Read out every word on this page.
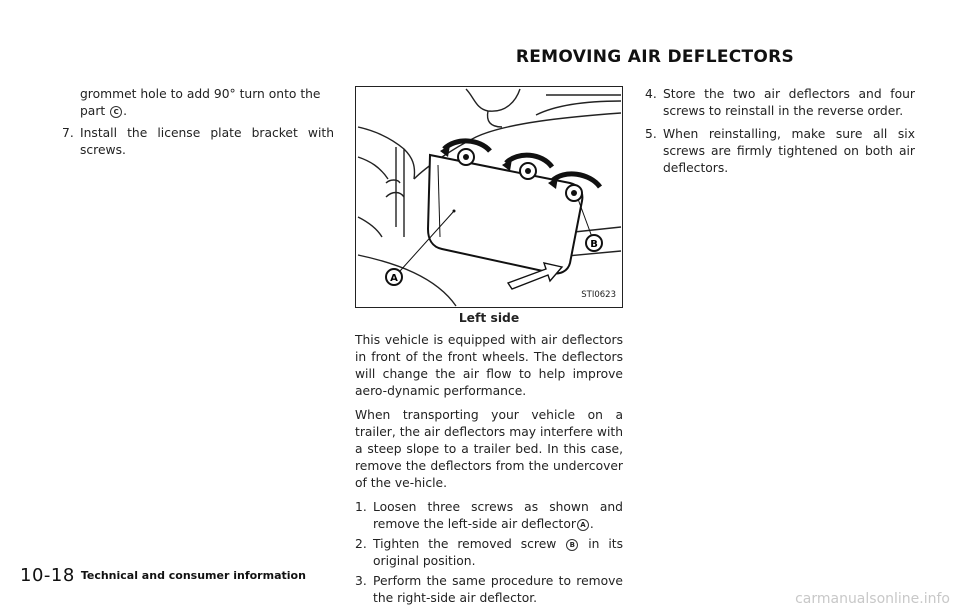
REMOVING AIR DEFLECTORS

grommet hole to add 90° turn onto the

part C .

7. Install the license plate bracket with screws.
A
B
STI0623
Left side

This vehicle is equipped with air deflectors in front of the front wheels. The deflectors will change the air flow to help improve aero-dynamic performance.

When transporting your vehicle on a trailer, the air deflectors may interfere with a steep slope to a trailer bed. In this case, remove the deflectors from the undercover of the ve-hicle.

1. Loosen three screws as shown and remove the left-side air deflector A .
2. Tighten the removed screw B in its original position.
3. Perform the same procedure to remove the right-side air deflector.
4. Store the two air deflectors and four screws to reinstall in the reverse order.
5. When reinstalling, make sure all six screws are firmly tightened on both air deflectors.
10-18 Technical and consumer information
carmanualsonline.info
